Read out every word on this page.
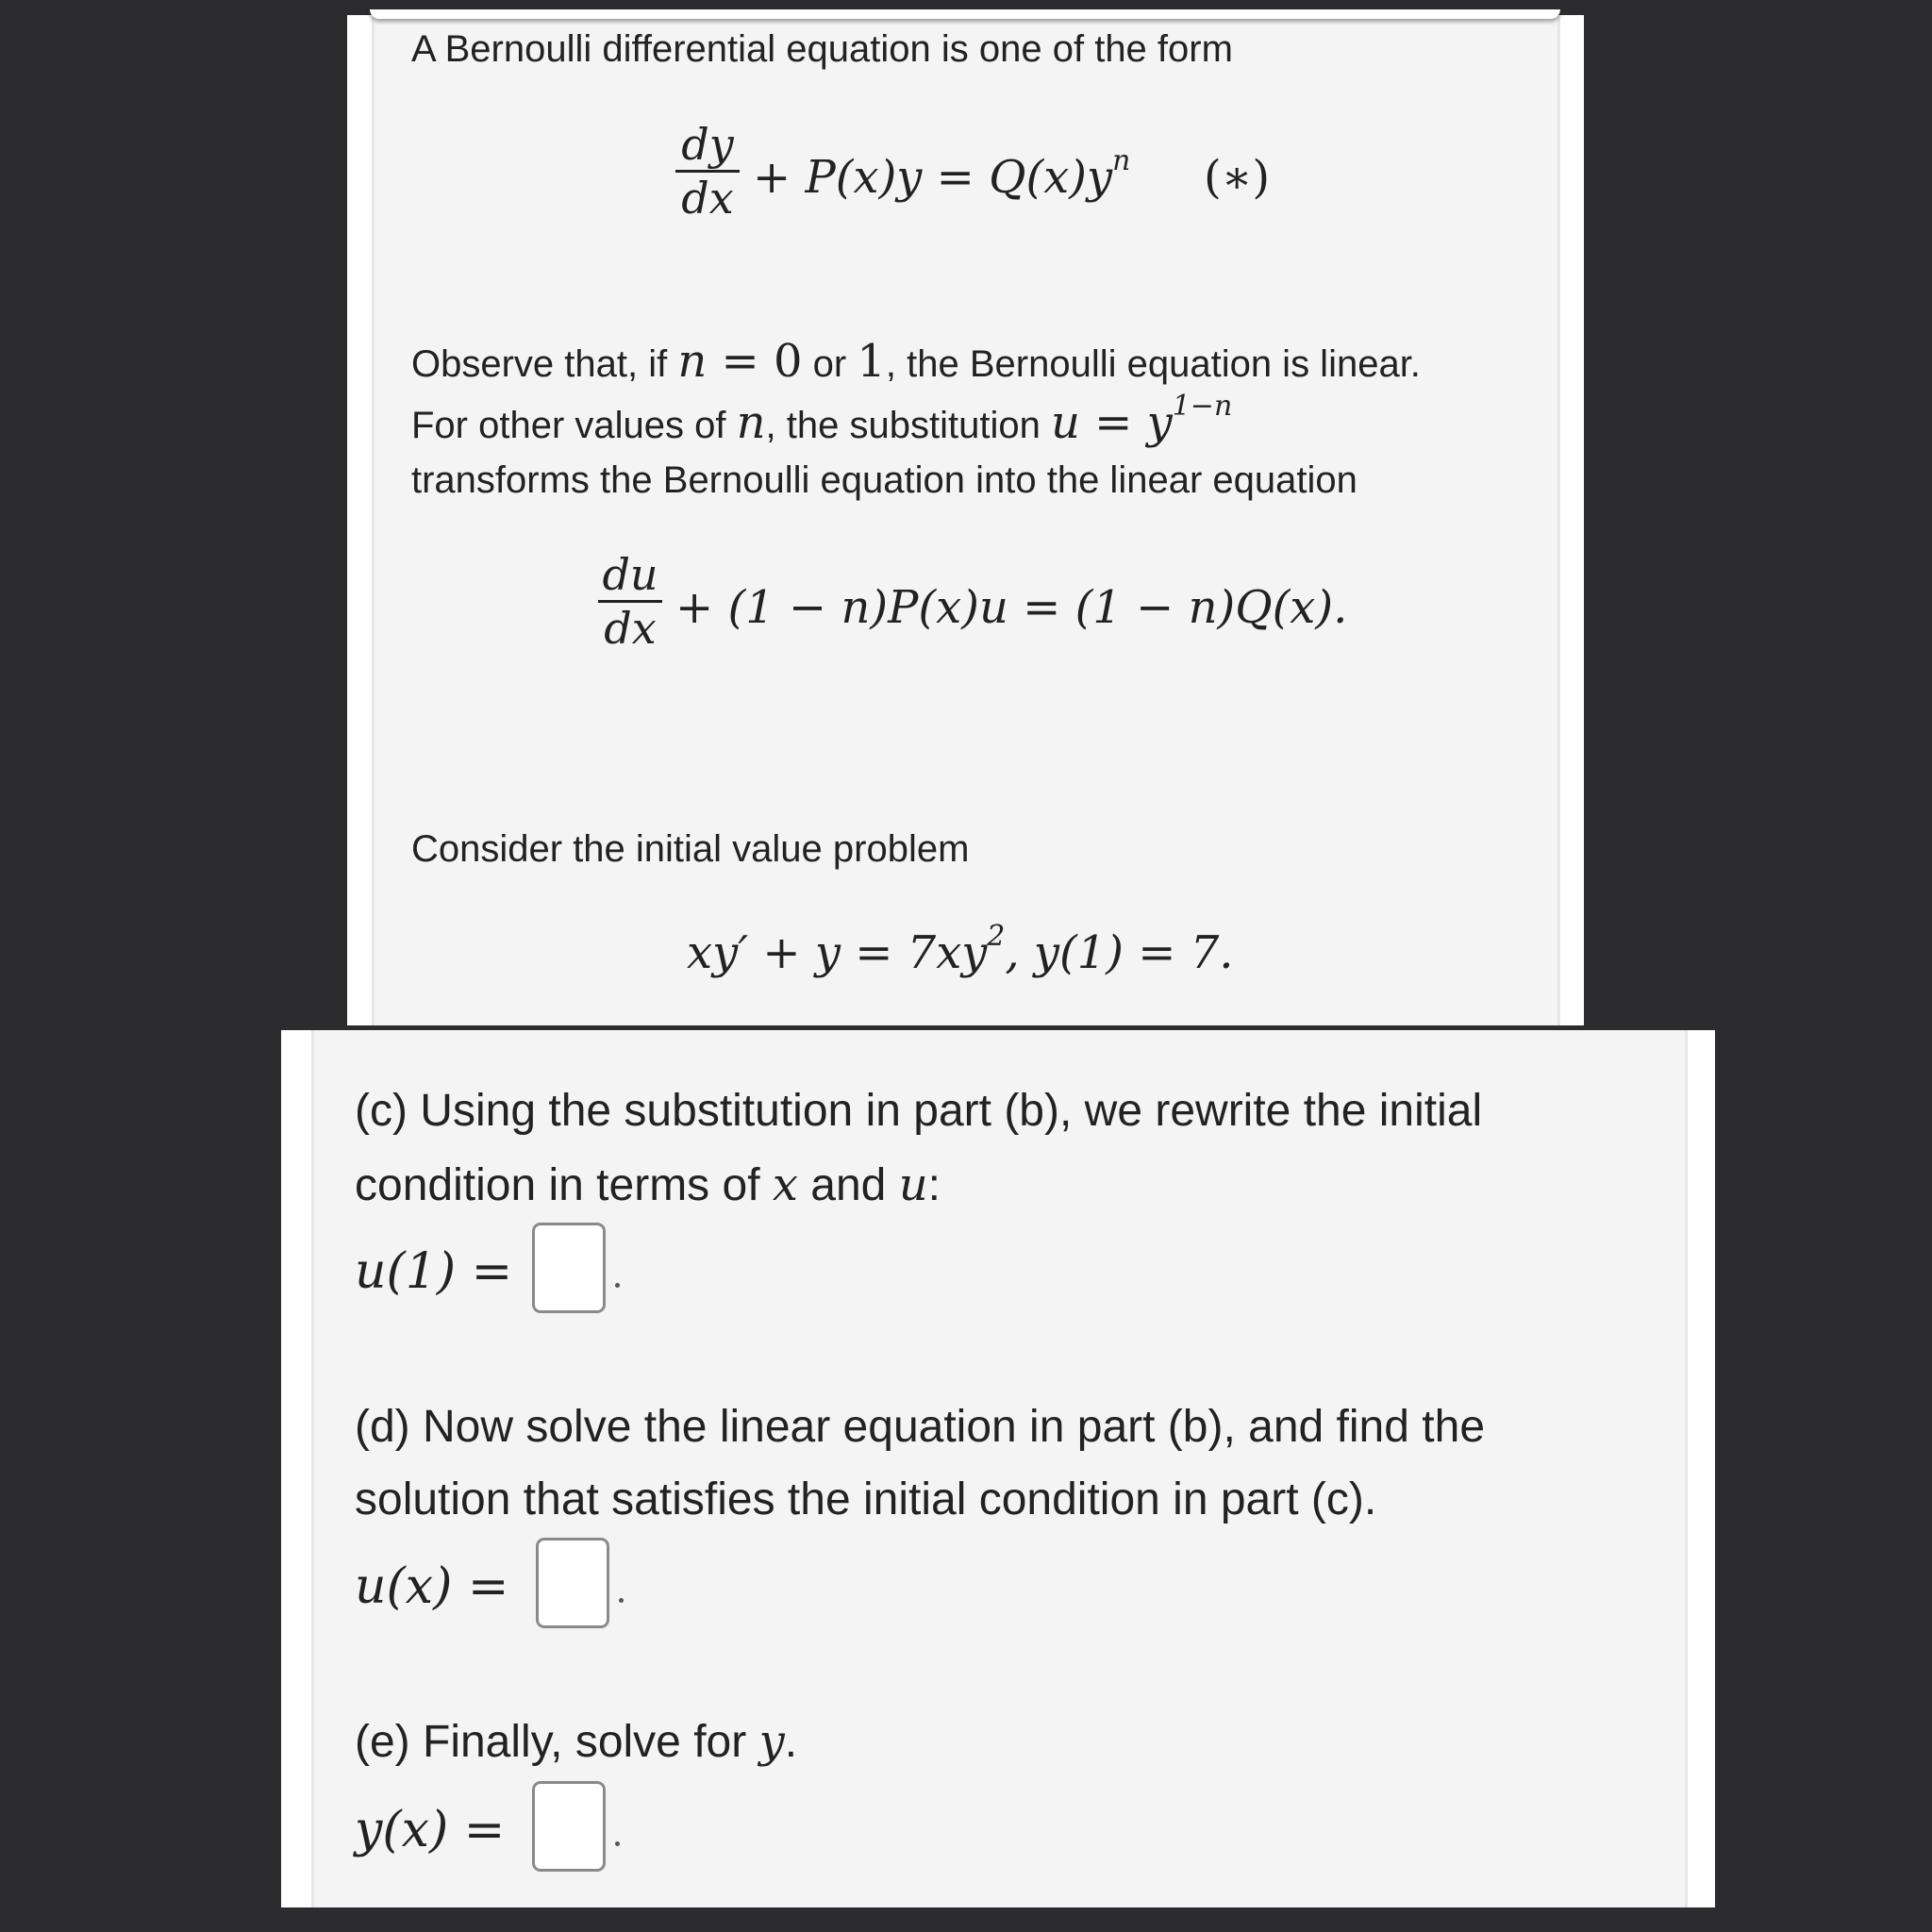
A Bernoulli differential equation is one of the form
dy
dx + $P(x)y = Q(x)y^n$ (∗)
Observe that, if n = 0 or 1, the Bernoulli equation is linear.
For other values of n, the substitution $u = y^{1-n}$
transforms the Bernoulli equation into the linear equation
du
dx + (1 − n)P(x)u = (1 − n)Q(x).
Consider the initial value problem
$xy' + y = 7xy^2$, y(1) = 7.
(c) Using the substitution in part (b), we rewrite the initial
condition in terms of x and u:
u(1) =
(d) Now solve the linear equation in part (b), and find the
solution that satisfies the initial condition in part (c).
u(x) =
(e) Finally, solve for y.
y(x) =
